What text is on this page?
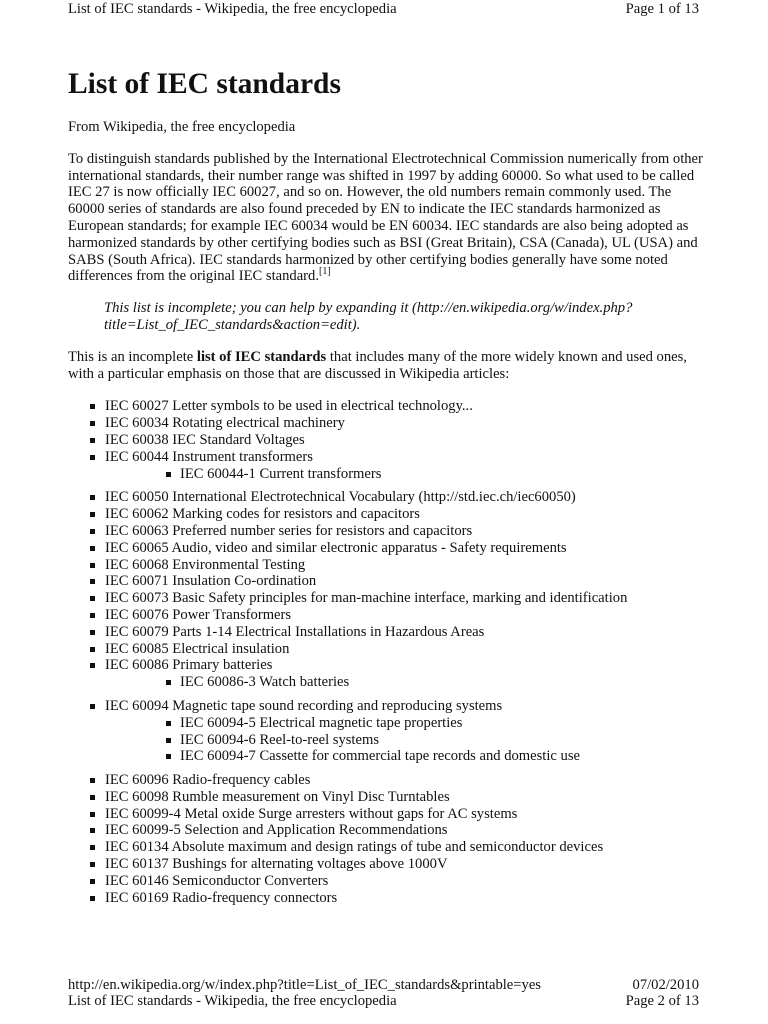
List of IEC standards - Wikipedia, the free encyclopedia	Page 1 of 13
List of IEC standards

From Wikipedia, the free encyclopedia

To distinguish standards published by the International Electrotechnical Commission numerically from other international standards, their number range was shifted in 1997 by adding 60000. So what used to be called IEC 27 is now officially IEC 60027, and so on. However, the old numbers remain commonly used. The 60000 series of standards are also found preceded by EN to indicate the IEC standards harmonized as European standards; for example IEC 60034 would be EN 60034. IEC standards are also being adopted as harmonized standards by other certifying bodies such as BSI (Great Britain), CSA (Canada), UL (USA) and SABS (South Africa). IEC standards harmonized by other certifying bodies generally have some noted differences from the original IEC standard.[1]

This list is incomplete; you can help by expanding it (http://en.wikipedia.org/w/index.php?
title=List_of_IEC_standards&action=edit).

This is an incomplete list of IEC standards that includes many of the more widely known and used ones, with a particular emphasis on those that are discussed in Wikipedia articles:

IEC 60027 Letter symbols to be used in electrical technology...
IEC 60034 Rotating electrical machinery
IEC 60038 IEC Standard Voltages
IEC 60044 Instrument transformers
IEC 60044-1 Current transformers
IEC 60050 International Electrotechnical Vocabulary (http://std.iec.ch/iec60050)
IEC 60062 Marking codes for resistors and capacitors
IEC 60063 Preferred number series for resistors and capacitors
IEC 60065 Audio, video and similar electronic apparatus - Safety requirements
IEC 60068 Environmental Testing
IEC 60071 Insulation Co-ordination
IEC 60073 Basic Safety principles for man-machine interface, marking and identification
IEC 60076 Power Transformers
IEC 60079 Parts 1-14 Electrical Installations in Hazardous Areas
IEC 60085 Electrical insulation
IEC 60086 Primary batteries
IEC 60086-3 Watch batteries
IEC 60094 Magnetic tape sound recording and reproducing systems
IEC 60094-5 Electrical magnetic tape properties
IEC 60094-6 Reel-to-reel systems
IEC 60094-7 Cassette for commercial tape records and domestic use
IEC 60096 Radio-frequency cables
IEC 60098 Rumble measurement on Vinyl Disc Turntables
IEC 60099-4 Metal oxide Surge arresters without gaps for AC systems
IEC 60099-5 Selection and Application Recommendations
IEC 60134 Absolute maximum and design ratings of tube and semiconductor devices
IEC 60137 Bushings for alternating voltages above 1000V
IEC 60146 Semiconductor Converters
IEC 60169 Radio-frequency connectors
http://en.wikipedia.org/w/index.php?title=List_of_IEC_standards&printable=yes	07/02/2010
List of IEC standards - Wikipedia, the free encyclopedia	Page 2 of 13
